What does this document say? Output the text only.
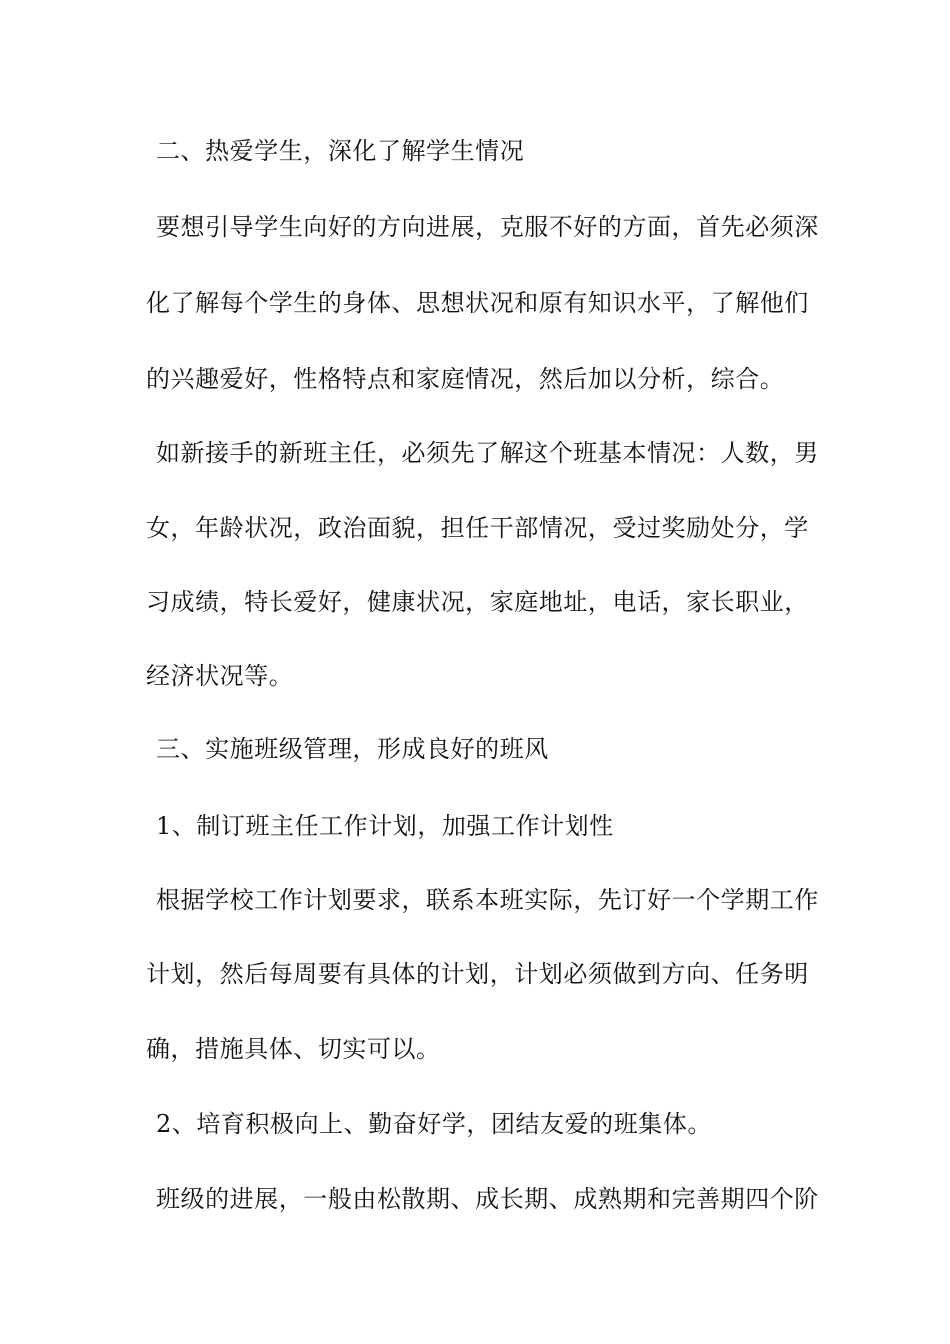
二、热爱学生，深化了解学生情况
要想引导学生向好的方向进展，克服不好的方面，首先必须深
化了解每个学生的身体、思想状况和原有知识水平，了解他们
的兴趣爱好，性格特点和家庭情况，然后加以分析，综合。
如新接手的新班主任，必须先了解这个班基本情况：人数，男
女，年龄状况，政治面貌，担任干部情况，受过奖励处分，学
习成绩，特长爱好，健康状况，家庭地址，电话，家长职业，
经济状况等。
三、实施班级管理，形成良好的班风
1、制订班主任工作计划，加强工作计划性
根据学校工作计划要求，联系本班实际，先订好一个学期工作
计划，然后每周要有具体的计划，计划必须做到方向、任务明
确，措施具体、切实可以。
2、培育积极向上、勤奋好学，团结友爱的班集体。
班级的进展，一般由松散期、成长期、成熟期和完善期四个阶
